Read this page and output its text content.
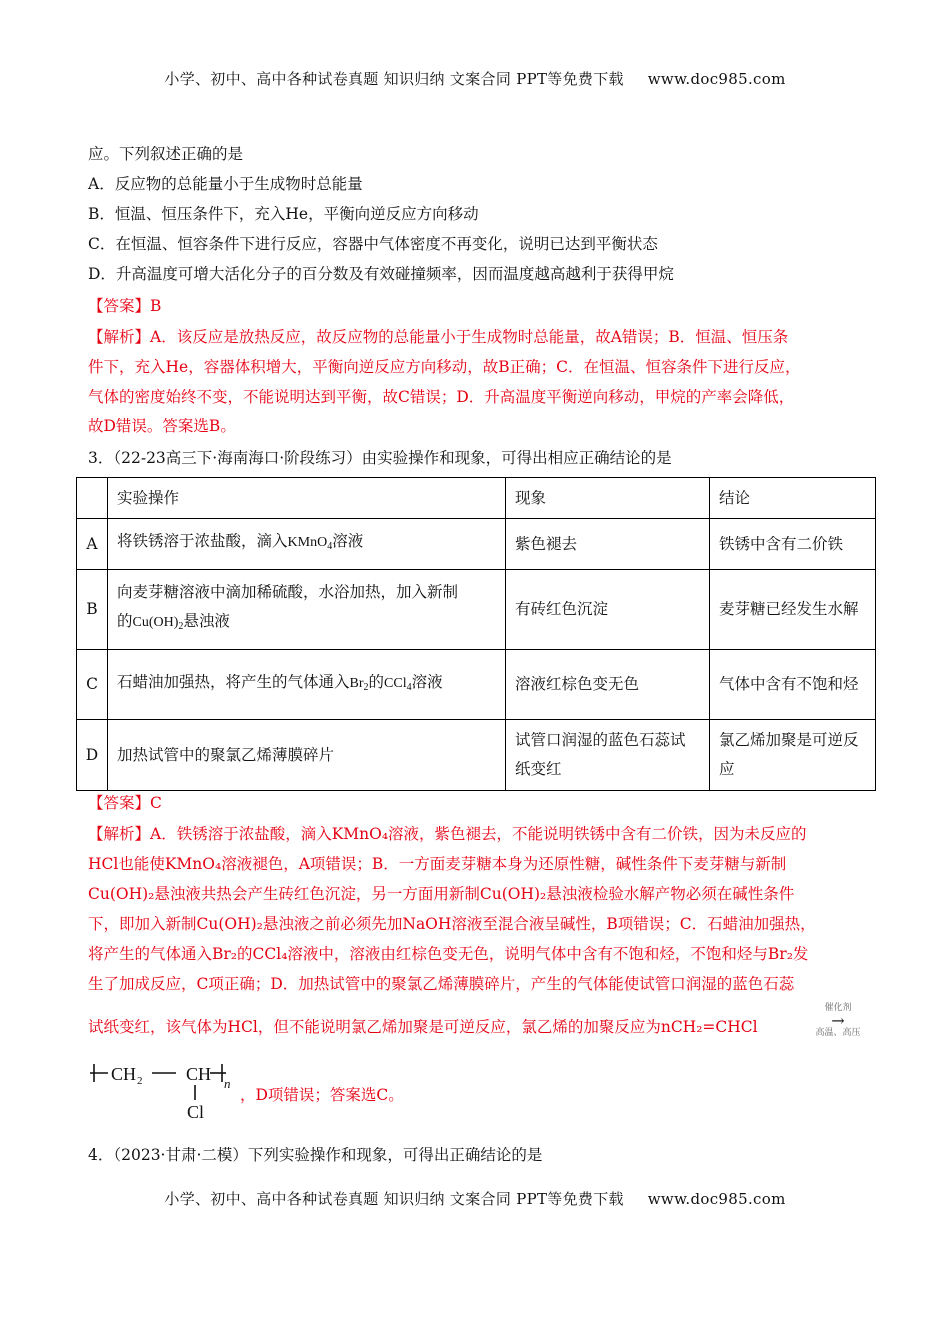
小学、初中、高中各种试卷真题 知识归纳 文案合同 PPT等免费下载 www.doc985.com
应。下列叙述正确的是
A．反应物的总能量小于生成物时总能量
B．恒温、恒压条件下，充入He，平衡向逆反应方向移动
C．在恒温、恒容条件下进行反应，容器中气体密度不再变化，说明已达到平衡状态
D．升高温度可增大活化分子的百分数及有效碰撞频率，因而温度越高越利于获得甲烷
【答案】B
【解析】A．该反应是放热反应，故反应物的总能量小于生成物时总能量，故A错误；B．恒温、恒压条
件下，充入He，容器体积增大，平衡向逆反应方向移动，故B正确；C．在恒温、恒容条件下进行反应，
气体的密度始终不变，不能说明达到平衡，故C错误；D．升高温度平衡逆向移动，甲烷的产率会降低，
故D错误。答案选B。
3．（22-23高三下·海南海口·阶段练习）由实验操作和现象，可得出相应正确结论的是
	实验操作	现象	结论
A	将铁锈溶于浓盐酸，滴入KMnO$_4$溶液	紫色褪去	铁锈中含有二价铁
B	向麦芽糖溶液中滴加稀硫酸，水浴加热，加入新制
的$Cu(OH)_2$悬浊液	有砖红色沉淀	麦芽糖已经发生水解
C	石蜡油加强热，将产生的气体通入$Br_2$的CCl$_4$溶液	溶液红棕色变无色	气体中含有不饱和烃
D	加热试管中的聚氯乙烯薄膜碎片	试管口润湿的蓝色石蕊试纸变红	氯乙烯加聚是可逆反应
【答案】C
【解析】A．铁锈溶于浓盐酸，滴入KMnO₄溶液，紫色褪去，不能说明铁锈中含有二价铁，因为未反应的
HCl也能使KMnO₄溶液褪色，A项错误；B．一方面麦芽糖本身为还原性糖，碱性条件下麦芽糖与新制
Cu(OH)₂悬浊液共热会产生砖红色沉淀，另一方面用新制Cu(OH)₂悬浊液检验水解产物必须在碱性条件
下，即加入新制Cu(OH)₂悬浊液之前必须先加NaOH溶液至混合液呈碱性，B项错误；C．石蜡油加强热，
将产生的气体通入Br₂的CCl₄溶液中，溶液由红棕色变无色，说明气体中含有不饱和烃，不饱和烃与Br₂发
生了加成反应，C项正确；D．加热试管中的聚氯乙烯薄膜碎片，产生的气体能使试管口润湿的蓝色石蕊
试纸变红，该气体为HCl，但不能说明氯乙烯加聚是可逆反应，氯乙烯的加聚反应为nCH₂=CHCl
催化剂
→
高温、高压
CH 2 CH n
Cl
，D项错误；答案选C。
4．（2023·甘肃·二模）下列实验操作和现象，可得出正确结论的是
小学、初中、高中各种试卷真题 知识归纳 文案合同 PPT等免费下载 www.doc985.com
